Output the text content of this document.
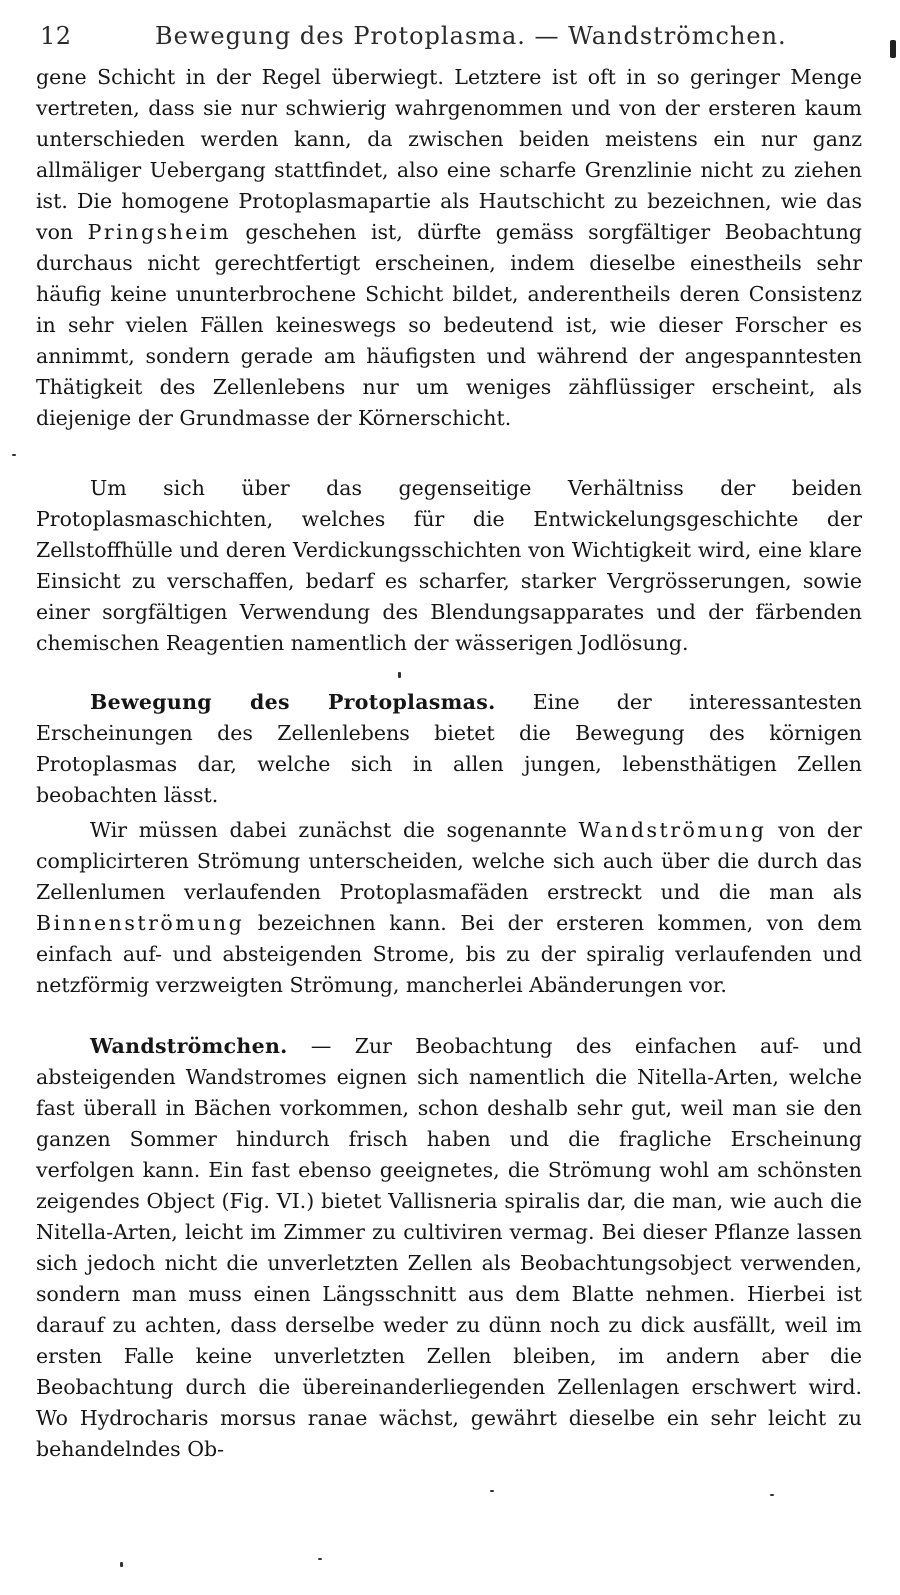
12	Bewegung des Protoplasma. — Wandströmchen.

gene Schicht in der Regel überwiegt. Letztere ist oft in so geringer Menge vertreten, dass sie nur schwierig wahrgenommen und von der ersteren kaum unterschieden werden kann, da zwischen beiden meistens ein nur ganz allmäliger Uebergang stattfindet, also eine scharfe Grenzlinie nicht zu ziehen ist. Die homogene Protoplasmapartie als Hautschicht zu bezeichnen, wie das von Pringsheim geschehen ist, dürfte gemäss sorgfältiger Beobachtung durchaus nicht gerechtfertigt erscheinen, indem dieselbe einestheils sehr häufig keine ununterbrochene Schicht bildet, anderentheils deren Consistenz in sehr vielen Fällen keineswegs so bedeutend ist, wie dieser Forscher es annimmt, sondern gerade am häufigsten und während der angespanntesten Thätigkeit des Zellenlebens nur um weniges zähflüssiger erscheint, als diejenige der Grundmasse der Körnerschicht.

Um sich über das gegenseitige Verhältniss der beiden Protoplasmaschichten, welches für die Entwickelungsgeschichte der Zellstoffhülle und deren Verdickungsschichten von Wichtigkeit wird, eine klare Einsicht zu verschaffen, bedarf es scharfer, starker Vergrösserungen, sowie einer sorgfältigen Verwendung des Blendungsapparates und der färbenden chemischen Reagentien namentlich der wässerigen Jodlösung.

Bewegung des Protoplasmas. Eine der interessantesten Erscheinungen des Zellenlebens bietet die Bewegung des körnigen Protoplasmas dar, welche sich in allen jungen, lebensthätigen Zellen beobachten lässt.

Wir müssen dabei zunächst die sogenannte Wandströmung von der complicirteren Strömung unterscheiden, welche sich auch über die durch das Zellenlumen verlaufenden Protoplasmafäden erstreckt und die man als Binnenströmung bezeichnen kann. Bei der ersteren kommen, von dem einfach auf- und absteigenden Strome, bis zu der spiralig verlaufenden und netzförmig verzweigten Strömung, mancherlei Abänderungen vor.

Wandströmchen. — Zur Beobachtung des einfachen auf- und absteigenden Wandstromes eignen sich namentlich die Nitella-Arten, welche fast überall in Bächen vorkommen, schon deshalb sehr gut, weil man sie den ganzen Sommer hindurch frisch haben und die fragliche Erscheinung verfolgen kann. Ein fast ebenso geeignetes, die Strömung wohl am schönsten zeigendes Object (Fig. VI.) bietet Vallisneria spiralis dar, die man, wie auch die Nitella-Arten, leicht im Zimmer zu cultiviren vermag. Bei dieser Pflanze lassen sich jedoch nicht die unverletzten Zellen als Beobachtungsobject verwenden, sondern man muss einen Längsschnitt aus dem Blatte nehmen. Hierbei ist darauf zu achten, dass derselbe weder zu dünn noch zu dick ausfällt, weil im ersten Falle keine unverletzten Zellen bleiben, im andern aber die Beobachtung durch die übereinanderliegenden Zellenlagen erschwert wird. Wo Hydrocharis morsus ranae wächst, gewährt dieselbe ein sehr leicht zu behandelndes Ob-
